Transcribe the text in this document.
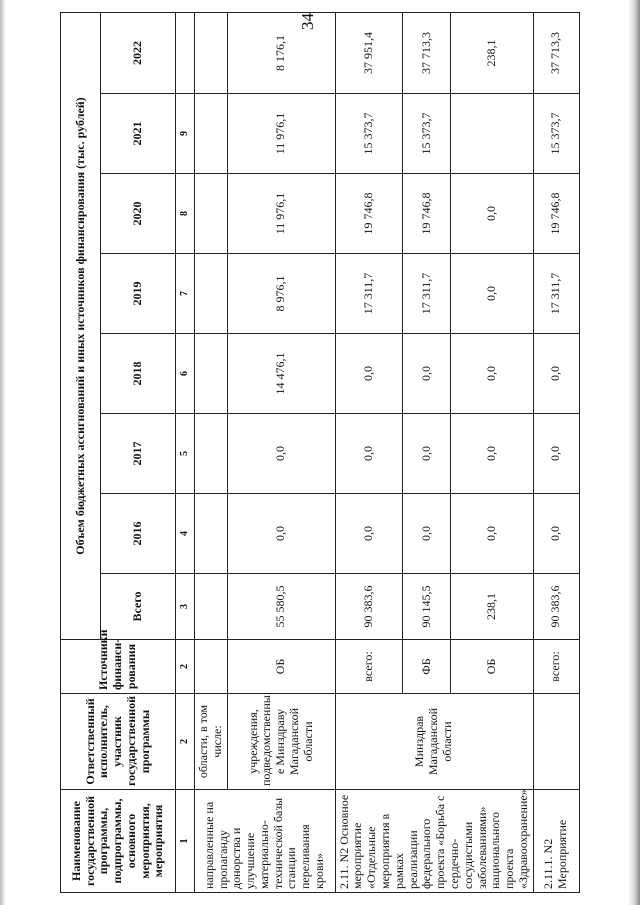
34
Наименование государственной программы, подпрограммы, основного мероприятия, мероприятия	Ответственный исполнитель, участник государственной программы	Источники финанси-рования	Объем бюджетных ассигнований и иных источников финансирования (тыс. рублей)							
			Всего	2016	2017	2018	2019	2020	2021	2022
1	2	2	3	4	5	6	7	8	9	
направленные на пропаганду донорства и улучшение материально-технической базы станции переливания крови»	области, в том числе:									
	учреждения, подведомственны е Минздраву Магаданской области	ОБ	55 580,5	0,0	0,0	14 476,1	8 976,1	11 976,1	11 976,1	8 176,1
2.11. N2 Основное мероприятие «Отдельные мероприятия в рамках реализации федерального проекта «Борьба с сердечно-сосудистыми заболеваниями» национального проекта «Здравоохранение»	Минздрав Магаданской области	всего:	90 383,6	0,0	0,0	0,0	17 311,7	19 746,8	15 373,7	37 951,4
		ФБ	90 145,5	0,0	0,0	0,0	17 311,7	19 746,8	15 373,7	37 713,3
		ОБ	238,1	0,0	0,0	0,0	0,0	0,0		238,1
2.11.1. N2 Мероприятие		всего:	90 383,6	0,0	0,0	0,0	17 311,7	19 746,8	15 373,7	37 713,3
